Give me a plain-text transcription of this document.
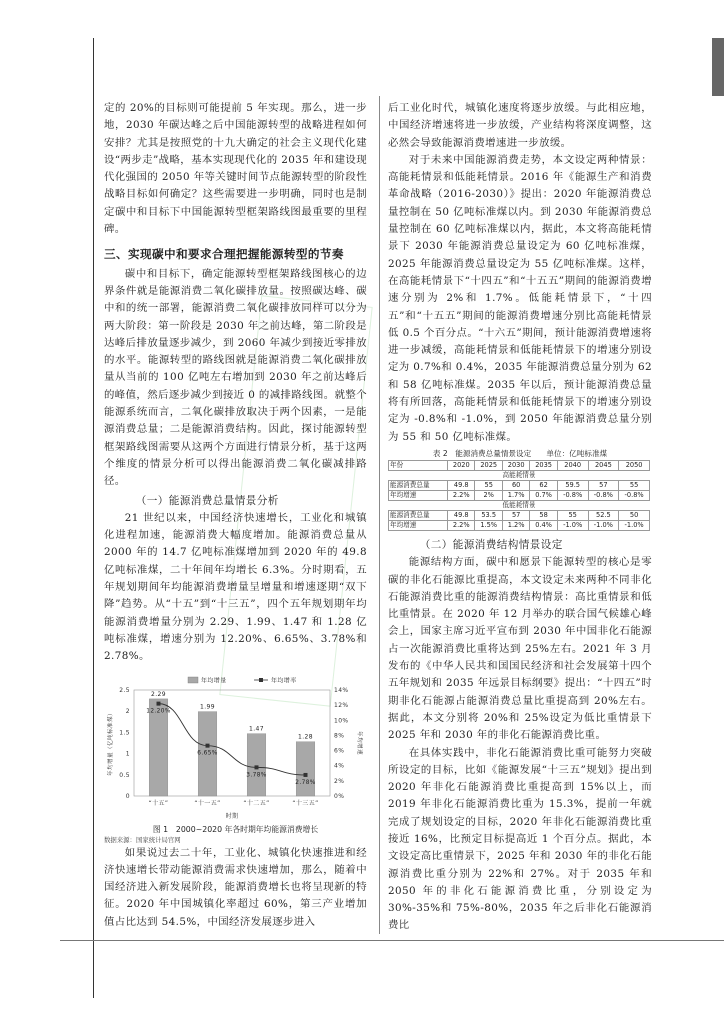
定的 20%的目标则可能提前 5 年实现。那么，进一步地，2030 年碳达峰之后中国能源转型的战略进程如何安排？尤其是按照党的十九大确定的社会主义现代化建设“两步走”战略，基本实现现代化的 2035 年和建设现代化强国的 2050 年等关键时间节点能源转型的阶段性战略目标如何确定？这些需要进一步明确，同时也是制定碳中和目标下中国能源转型框架路线图最重要的里程碑。

三、实现碳中和要求合理把握能源转型的节奏

碳中和目标下，确定能源转型框架路线图核心的边界条件就是能源消费二氧化碳排放量。按照碳达峰、碳中和的统一部署，能源消费二氧化碳排放同样可以分为两大阶段：第一阶段是 2030 年之前达峰，第二阶段是达峰后排放量逐步减少，到 2060 年减少到接近零排放的水平。能源转型的路线图就是能源消费二氧化碳排放量从当前的 100 亿吨左右增加到 2030 年之前达峰后的峰值，然后逐步减少到接近 0 的减排路线图。就整个能源系统而言，二氧化碳排放取决于两个因素，一是能源消费总量；二是能源消费结构。因此，探讨能源转型框架路线图需要从这两个方面进行情景分析，基于这两个维度的情景分析可以得出能源消费二氧化碳减排路径。

（一）能源消费总量情景分析

21 世纪以来，中国经济快速增长，工业化和城镇化进程加速，能源消费大幅度增加。能源消费总量从 2000 年的 14.7 亿吨标准煤增加到 2020 年的 49.8 亿吨标准煤，二十年间年均增长 6.3%。分时期看，五年规划期间年均能源消费增量呈增量和增速逐期“双下降”趋势。从“十五”到“十三五”，四个五年规划期年均能源消费增量分别为 2.29、1.99、1.47 和 1.28 亿吨标准煤，增速分别为 12.20%、6.65%、3.78%和 2.78%。

0
0.5
1
1.5
2
2.5
0%
2%
4%
6%
8%
10%
12%
14%
年均增量（亿吨标准煤）	年均增速
时期
年均增量	年均增率
2.29
“十五”
1.99
“十一五”
1.47
“十二五”
1.28
“十三五”
12.20%
6.65%
3.78%
2.78%
图 1　2000~2020 年各时期年均能源消费增长
数据来源：国家统计局官网

如果说过去二十年，工业化、城镇化快速推进和经济快速增长带动能源消费需求快速增加，那么，随着中国经济进入新发展阶段，能源消费增长也将呈现新的特征。2020 年中国城镇化率超过 60%，第三产业增加值占比达到 54.5%，中国经济发展逐步进入

后工业化时代，城镇化速度将逐步放缓。与此相应地，中国经济增速将进一步放缓，产业结构将深度调整，这必然会导致能源消费增速进一步放缓。

对于未来中国能源消费走势，本文设定两种情景：高能耗情景和低能耗情景。2016 年《能源生产和消费革命战略（2016-2030）》提出：2020 年能源消费总量控制在 50 亿吨标准煤以内。到 2030 年能源消费总量控制在 60 亿吨标准煤以内，据此，本文将高能耗情景下 2030 年能源消费总量设定为 60 亿吨标准煤，2025 年能源消费总量设定为 55 亿吨标准煤。这样，在高能耗情景下“十四五”和“十五五”期间的能源消费增速分别为 2%和 1.7%。低能耗情景下，“十四五”和“十五五”期间的能源消费增速分别比高能耗情景低 0.5 个百分点。“十六五”期间，预计能源消费增速将进一步减缓，高能耗情景和低能耗情景下的增速分别设定为 0.7%和 0.4%，2035 年能源消费总量分别为 62 和 58 亿吨标准煤。2035 年以后，预计能源消费总量将有所回落，高能耗情景和低能耗情景下的增速分别设定为 -0.8%和 -1.0%，到 2050 年能源消费总量分别为 55 和 50 亿吨标准煤。

表 2　能源消费总量情景设定　　单位：亿吨标准煤
年份	2020	2025	2030	2035	2040	2045	2050
高能耗情景							
能源消费总量	49.8	55	60	62	59.5	57	55
年均增速	2.2%	2%	1.7%	0.7%	-0.8%	-0.8%	-0.8%
低能耗情景							
能源消费总量	49.8	53.5	57	58	55	52.5	50
年均增速	2.2%	1.5%	1.2%	0.4%	-1.0%	-1.0%	-1.0%

（二）能源消费结构情景设定

能源结构方面，碳中和愿景下能源转型的核心是零碳的非化石能源比重提高，本文设定未来两种不同非化石能源消费比重的能源消费结构情景：高比重情景和低比重情景。在 2020 年 12 月举办的联合国气候雄心峰会上，国家主席习近平宣布到 2030 年中国非化石能源占一次能源消费比重将达到 25%左右。2021 年 3 月发布的《中华人民共和国国民经济和社会发展第十四个五年规划和 2035 年远景目标纲要》提出：“十四五”时期非化石能源占能源消费总量比重提高到 20%左右。据此，本文分别将 20%和 25%设定为低比重情景下 2025 年和 2030 年的非化石能源消费比重。

在具体实践中，非化石能源消费比重可能努力突破所设定的目标，比如《能源发展“十三五”规划》提出到 2020 年非化石能源消费比重提高到 15%以上，而 2019 年非化石能源消费比重为 15.3%，提前一年就完成了规划设定的目标，2020 年非化石能源消费比重接近 16%，比预定目标提高近 1 个百分点。据此，本文设定高比重情景下，2025 年和 2030 年的非化石能源消费比重分别为 22%和 27%。对于 2035 年和 2050 年的非化石能源消费比重，分别设定为 30%-35%和 75%-80%，2035 年之后非化石能源消费比
